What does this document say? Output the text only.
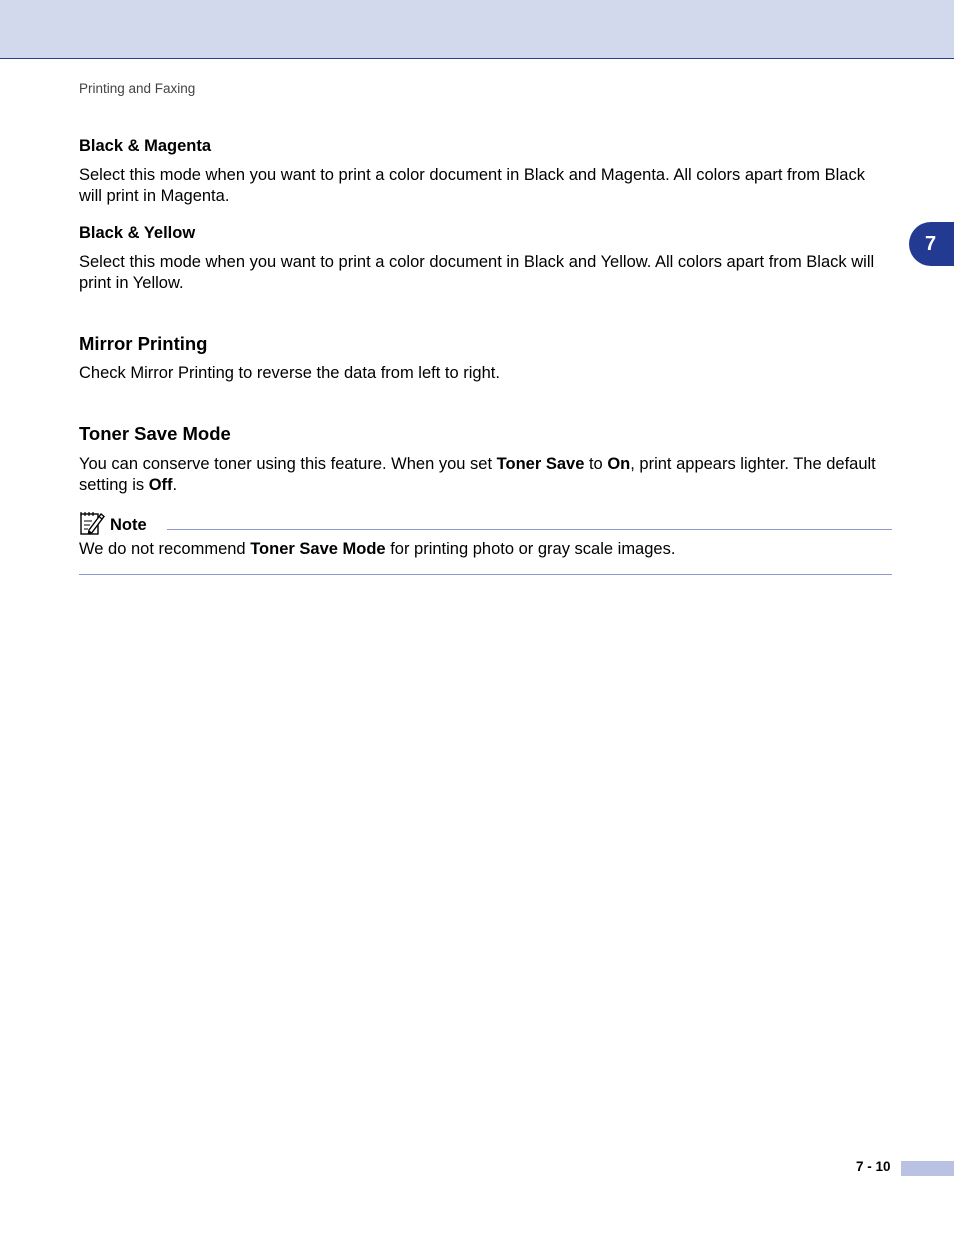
Printing and Faxing
7
Black & Magenta
Select this mode when you want to print a color document in Black and Magenta. All colors apart from Black will print in Magenta.
Black & Yellow
Select this mode when you want to print a color document in Black and Yellow. All colors apart from Black will print in Yellow.
Mirror Printing
Check Mirror Printing to reverse the data from left to right.
Toner Save Mode
You can conserve toner using this feature. When you set Toner Save to On, print appears lighter. The default setting is Off.
Note
We do not recommend Toner Save Mode for printing photo or gray scale images.
7 - 10
